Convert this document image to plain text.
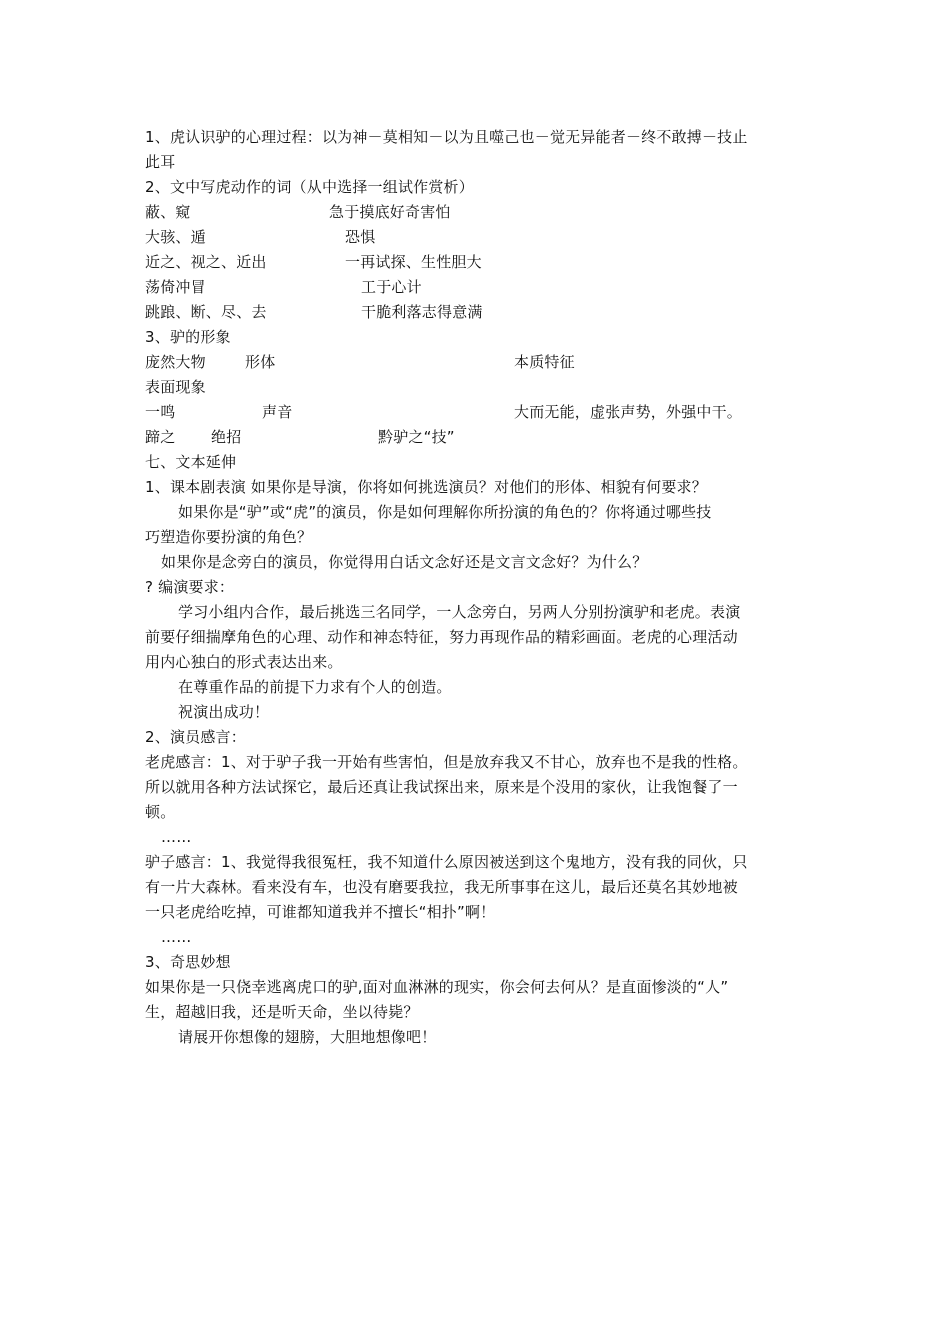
1、虎认识驴的心理过程：以为神－莫相知－以为且噬己也－觉无异能者－终不敢搏－技止
此耳
2、文中写虎动作的词（从中选择一组试作赏析）
蔽、窥	急于摸底好奇害怕
大骇、遁	恐惧
近之、视之、近出	一再试探、生性胆大
荡倚冲冒	工于心计
跳踉、断、尽、去	干脆利落志得意满
3、驴的形象
庞然大物	形体	本质特征
表面现象
一鸣	声音	大而无能，虚张声势，外强中干。
蹄之 绝招	黔驴之“技”
七、文本延伸
1、课本剧表演 如果你是导演，你将如何挑选演员？对他们的形体、相貌有何要求？
如果你是“驴”或“虎”的演员，你是如何理解你所扮演的角色的？你将通过哪些技
巧塑造你要扮演的角色？
如果你是念旁白的演员，你觉得用白话文念好还是文言文念好？为什么？
? 编演要求：
学习小组内合作，最后挑选三名同学，一人念旁白，另两人分别扮演驴和老虎。表演
前要仔细揣摩角色的心理、动作和神态特征，努力再现作品的精彩画面。老虎的心理活动
用内心独白的形式表达出来。
在尊重作品的前提下力求有个人的创造。
祝演出成功！
2、演员感言：
老虎感言：1、对于驴子我一开始有些害怕，但是放弃我又不甘心，放弃也不是我的性格。
所以就用各种方法试探它，最后还真让我试探出来，原来是个没用的家伙，让我饱餐了一
顿。
……
驴子感言：1、我觉得我很冤枉，我不知道什么原因被送到这个鬼地方，没有我的同伙，只
有一片大森林。看来没有车，也没有磨要我拉，我无所事事在这儿，最后还莫名其妙地被
一只老虎给吃掉，可谁都知道我并不擅长“相扑”啊！
……
3、奇思妙想
如果你是一只侥幸逃离虎口的驴,面对血淋淋的现实，你会何去何从？是直面惨淡的“人”
生，超越旧我，还是听天命，坐以待毙？
请展开你想像的翅膀，大胆地想像吧！
